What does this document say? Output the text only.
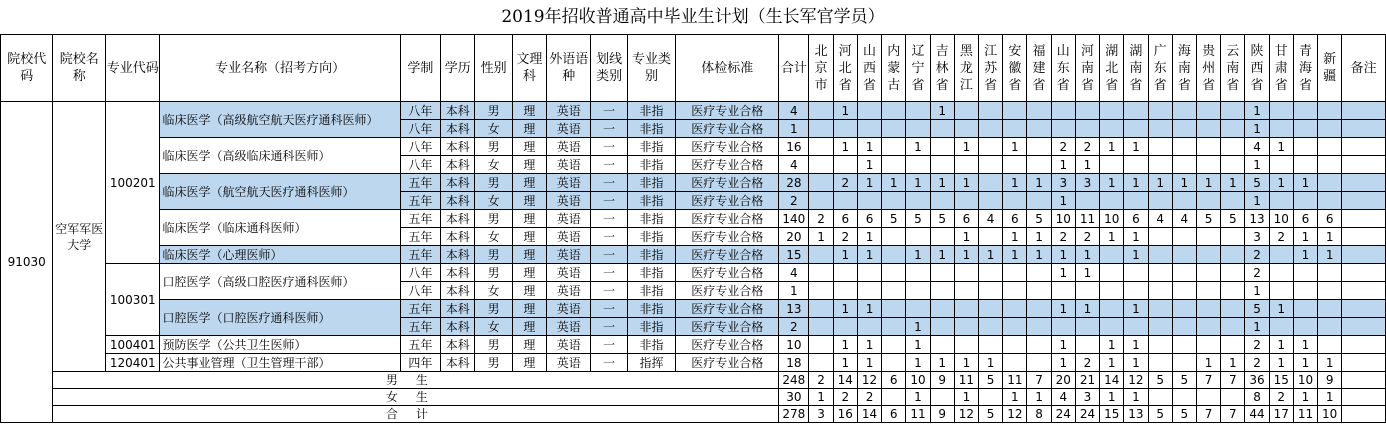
2019年招收普通高中毕业生计划（生长军官学员）
院校代码	院校名称	专业代码	专业名称（招考方向）	学制	学历	性别	文理科	外语语种	划线类别	专业类别	体检标准	合计	北京市	河北省	山西省	内蒙古	辽宁省	吉林省	黑龙江	江苏省	安徽省	福建省	山东省	河南省	湖北省	湖南省	广东省	海南省	贵州省	云南省	陕西省	甘肃省	青海省	新疆	备注
91030	空军军医大学	100201	临床医学（高级航空航天医疗通科医师）	八年	本科	男	理	英语	一	非指	医疗专业合格	4		1				1													1				
				八年	本科	女	理	英语	一	非指	医疗专业合格	1																			1				
			临床医学（高级临床通科医师）	八年	本科	男	理	英语	一	非指	医疗专业合格	16		1	1		1		1		1		2	2	1	1					4	1			
				八年	本科	女	理	英语	一	非指	医疗专业合格	4			1								1	1							1				
			临床医学（航空航天医疗通科医师）	五年	本科	男	理	英语	一	非指	医疗专业合格	28		2	1	1	1	1	1		1	1	3	3	1	1	1	1	1	1	5	1	1		
				五年	本科	女	理	英语	一	非指	医疗专业合格	2											1								1				
			临床医学（临床通科医师）	五年	本科	男	理	英语	一	非指	医疗专业合格	140	2	6	6	5	5	5	6	4	6	5	10	11	10	6	4	4	5	5	13	10	6	6	
				五年	本科	女	理	英语	一	非指	医疗专业合格	20	1	2	1				1		1	1	2	2	1	1					3	2	1	1	
			临床医学（心理医师）	五年	本科	男	理	英语	一	非指	医疗专业合格	15		1	1		1	1	1	1	1	1	1	1		1					2		1	1	
		100301	口腔医学（高级口腔医疗通科医师）	八年	本科	男	理	英语	一	非指	医疗专业合格	4											1	1							2				
				八年	本科	女	理	英语	一	非指	医疗专业合格	1																			1				
			口腔医学（口腔医疗通科医师）	五年	本科	男	理	英语	一	非指	医疗专业合格	13		1	1								1	1		1					5	1			
				五年	本科	女	理	英语	一	非指	医疗专业合格	2					1														1				
		100401	预防医学（公共卫生医师）	五年	本科	男	理	英语	一	非指	医疗专业合格	10		1	1		1						1		1	1					2	1	1		
		120401	公共事业管理（卫生管理干部）	四年	本科	男	理	英语	一	指挥	医疗专业合格	18		1	1		1	1	1	1			1	2	1	1			1	1	2	1	1	1	
	男生											248	2	14	12	6	10	9	11	5	11	7	20	21	14	12	5	5	7	7	36	15	10	9	
	女生											30	1	2	2		1		1		1	1	4	3	1	1					8	2	1	1	
	合计											278	3	16	14	6	11	9	12	5	12	8	24	24	15	13	5	5	7	7	44	17	11	10	
